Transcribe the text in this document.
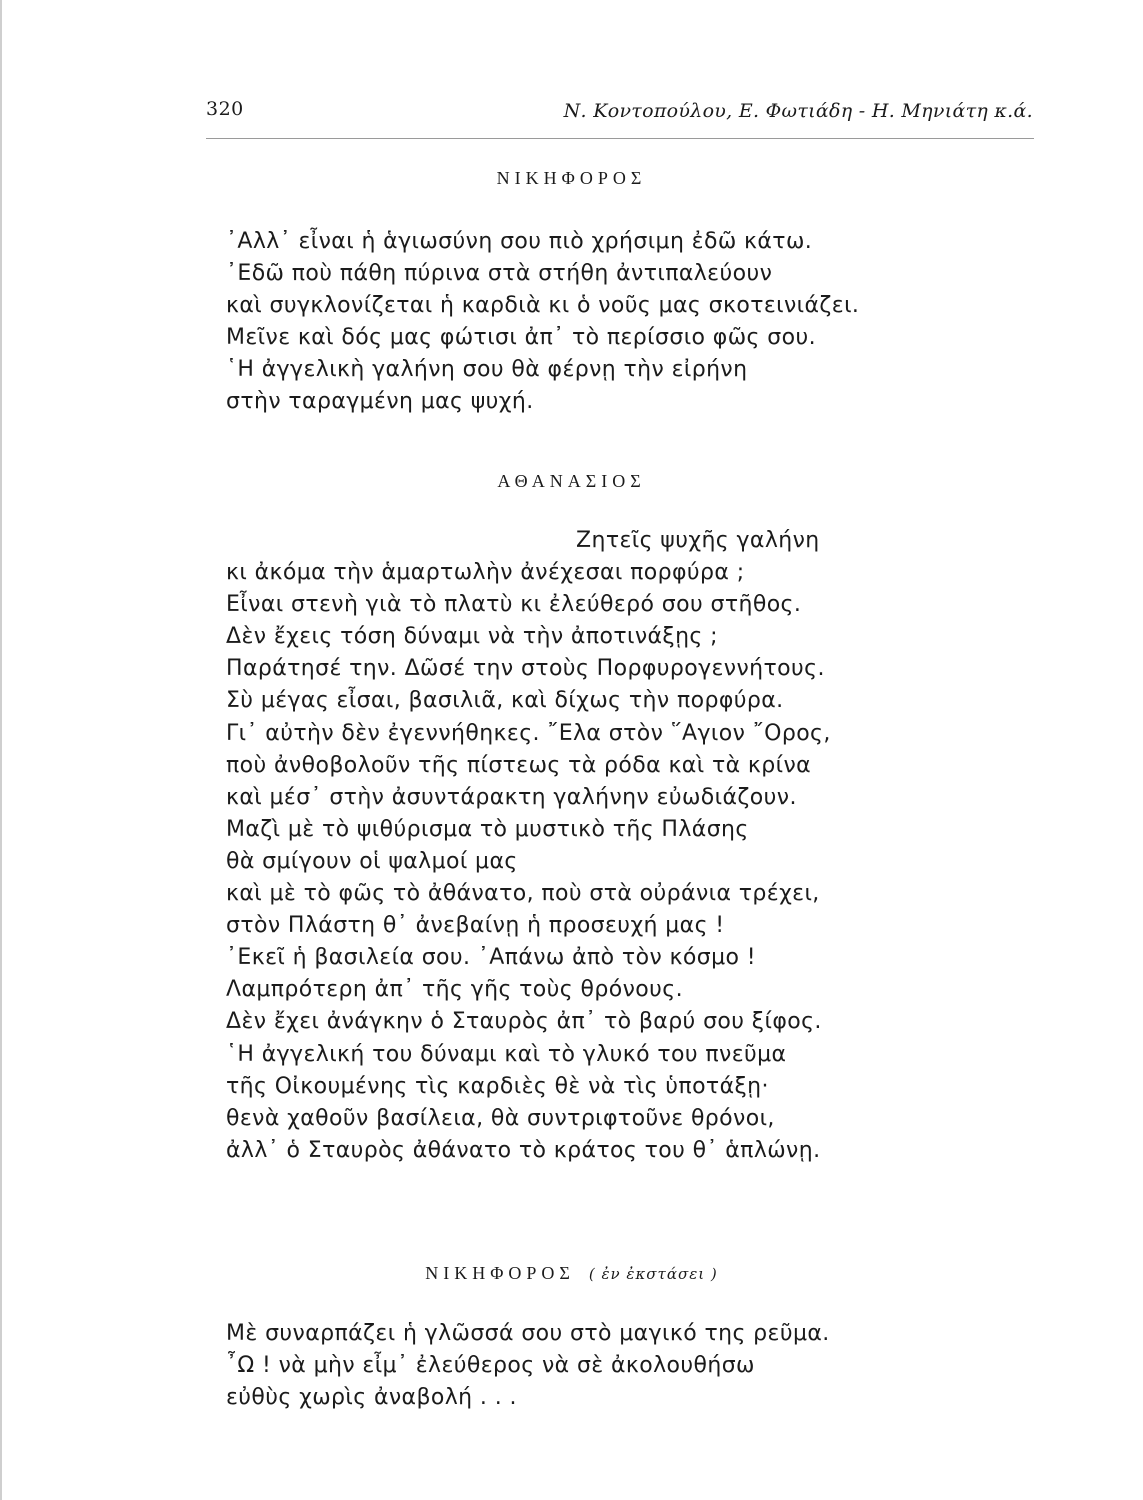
320	Ν. Κοντοπούλου, Ε. Φωτιάδη - Η. Μηνιάτη κ.ά.
ΝΙΚΗΦΟΡΟΣ
᾿Αλλ᾿ εἶναι ἡ ἁγιωσύνη σου πιὸ χρήσιμη ἐδῶ κάτω.
᾿Εδῶ ποὺ πάθη πύρινα στὰ στήθη ἀντιπαλεύουν
καὶ συγκλονίζεται ἡ καρδιὰ κι ὁ νοῦς μας σκοτεινιάζει.
Μεῖνε καὶ δός μας φώτισι ἀπ᾿ τὸ περίσσιο φῶς σου.
῾Η ἀγγελικὴ γαλήνη σου θὰ φέρνῃ τὴν εἰρήνη
στὴν ταραγμένη μας ψυχή.
ΑΘΑΝΑΣΙΟΣ
Ζητεῖς ψυχῆς γαλήνη
κι ἀκόμα τὴν ἁμαρτωλὴν ἀνέχεσαι πορφύρα ;
Εἶναι στενὴ γιὰ τὸ πλατὺ κι ἐλεύθερό σου στῆθος.
Δὲν ἔχεις τόση δύναμι νὰ τὴν ἀποτινάξῃς ;
Παράτησέ την. Δῶσέ την στοὺς Πορφυρογεννήτους.
Σὺ μέγας εἶσαι, βασιλιᾶ, καὶ δίχως τὴν πορφύρα.
Γι᾿ αὐτὴν δὲν ἐγεννήθηκες. ῎Ελα στὸν ῞Αγιον ῎Ορος,
ποὺ ἀνθοβολοῦν τῆς πίστεως τὰ ρόδα καὶ τὰ κρίνα
καὶ μέσ᾿ στὴν ἀσυντάρακτη γαλήνην εὐωδιάζουν.
Μαζὶ μὲ τὸ ψιθύρισμα τὸ μυστικὸ τῆς Πλάσης
θὰ σμίγουν οἱ ψαλμοί μας
καὶ μὲ τὸ φῶς τὸ ἀθάνατο, ποὺ στὰ οὐράνια τρέχει,
στὸν Πλάστη θ᾿ ἀνεβαίνῃ ἡ προσευχή μας !
᾿Εκεῖ ἡ βασιλεία σου. ᾿Απάνω ἀπὸ τὸν κόσμο !
Λαμπρότερη ἀπ᾿ τῆς γῆς τοὺς θρόνους.
Δὲν ἔχει ἀνάγκην ὁ Σταυρὸς ἀπ᾿ τὸ βαρύ σου ξίφος.
῾Η ἀγγελική του δύναμι καὶ τὸ γλυκό του πνεῦμα
τῆς Οἰκουμένης τὶς καρδιὲς θὲ νὰ τὶς ὑποτάξῃ·
θενὰ χαθοῦν βασίλεια, θὰ συντριφτοῦνε θρόνοι,
ἀλλ᾿ ὁ Σταυρὸς ἀθάνατο τὸ κράτος του θ᾿ ἁπλώνῃ.
ΝΙΚΗΦΟΡΟΣ ( ἐν ἐκστάσει )
Μὲ συναρπάζει ἡ γλῶσσά σου στὸ μαγικό της ρεῦμα.
῏Ω ! νὰ μὴν εἶμ᾿ ἐλεύθερος νὰ σὲ ἀκολουθήσω
εὐθὺς χωρὶς ἀναβολή . . .
